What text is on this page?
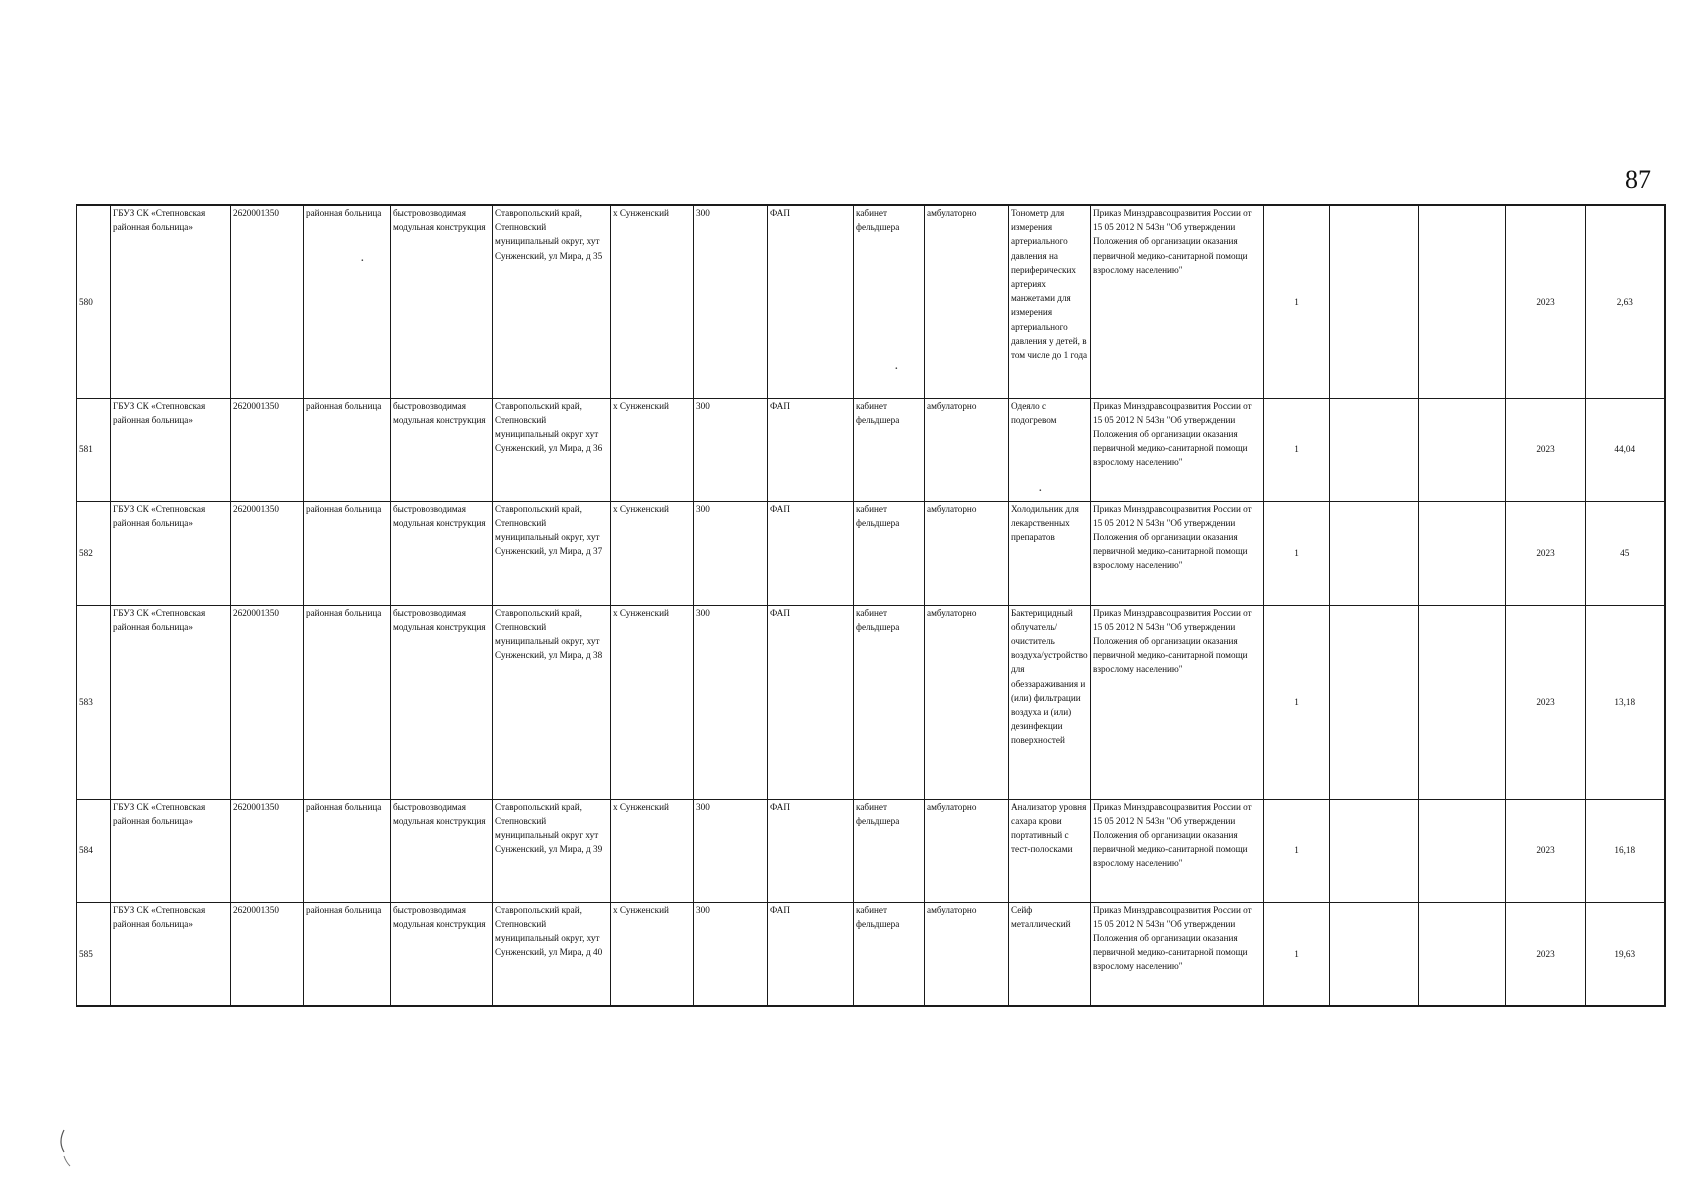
87
580	ГБУЗ СК «Степновская районная больница»	2620001350	районная больница	быстровозводимая модульная конструкция	Ставропольский край, Степновский муниципальный округ, хут Сунженский, ул Мира, д 35	х Сунженский	300	ФАП	кабинет фельдшера	амбулаторно	Тонометр для измерения артериального давления на периферических артериях манжетами для измерения артериального давления у детей, в том числе до 1 года	Приказ Минздравсоцразвития России от 15 05 2012 N 543н "Об утверждении Положения об организации оказания первичной медико-санитарной помощи взрослому населению"	1			2023	2,63
581	ГБУЗ СК «Степновская районная больница»	2620001350	районная больница	быстровозводимая модульная конструкция	Ставропольский край, Степновский муниципальный округ хут Сунженский, ул Мира, д 36	х Сунженский	300	ФАП	кабинет фельдшера	амбулаторно	Одеяло с подогревом	Приказ Минздравсоцразвития России от 15 05 2012 N 543н "Об утверждении Положения об организации оказания первичной медико-санитарной помощи взрослому населению"	1			2023	44,04
582	ГБУЗ СК «Степновская районная больница»	2620001350	районная больница	быстровозводимая модульная конструкция	Ставропольский край, Степновский муниципальный округ, хут Сунженский, ул Мира, д 37	х Сунженский	300	ФАП	кабинет фельдшера	амбулаторно	Холодильник для лекарственных препаратов	Приказ Минздравсоцразвития России от 15 05 2012 N 543н "Об утверждении Положения об организации оказания первичной медико-санитарной помощи взрослому населению"	1			2023	45
583	ГБУЗ СК «Степновская районная больница»	2620001350	районная больница	быстровозводимая модульная конструкция	Ставропольский край, Степновский муниципальный округ, хут Сунженский, ул Мира, д 38	х Сунженский	300	ФАП	кабинет фельдшера	амбулаторно	Бактерицидный облучатель/очиститель воздуха/устройство для обеззараживания и (или) фильтрации воздуха и (или) дезинфекции поверхностей	Приказ Минздравсоцразвития России от 15 05 2012 N 543н "Об утверждении Положения об организации оказания первичной медико-санитарной помощи взрослому населению"	1			2023	13,18
584	ГБУЗ СК «Степновская районная больница»	2620001350	районная больница	быстровозводимая модульная конструкция	Ставропольский край, Степновский муниципальный округ хут Сунженский, ул Мира, д 39	х Сунженский	300	ФАП	кабинет фельдшера	амбулаторно	Анализатор уровня сахара крови портативный с тест-полосками	Приказ Минздравсоцразвития России от 15 05 2012 N 543н "Об утверждении Положения об организации оказания первичной медико-санитарной помощи взрослому населению"	1			2023	16,18
585	ГБУЗ СК «Степновская районная больница»	2620001350	районная больница	быстровозводимая модульная конструкция	Ставропольский край, Степновский муниципальный округ, хут Сунженский, ул Мира, д 40	х Сунженский	300	ФАП	кабинет фельдшера	амбулаторно	Сейф металлический	Приказ Минздравсоцразвития России от 15 05 2012 N 543н "Об утверждении Положения об организации оказания первичной медико-санитарной помощи взрослому населению"	1			2023	19,63
·
·
·
